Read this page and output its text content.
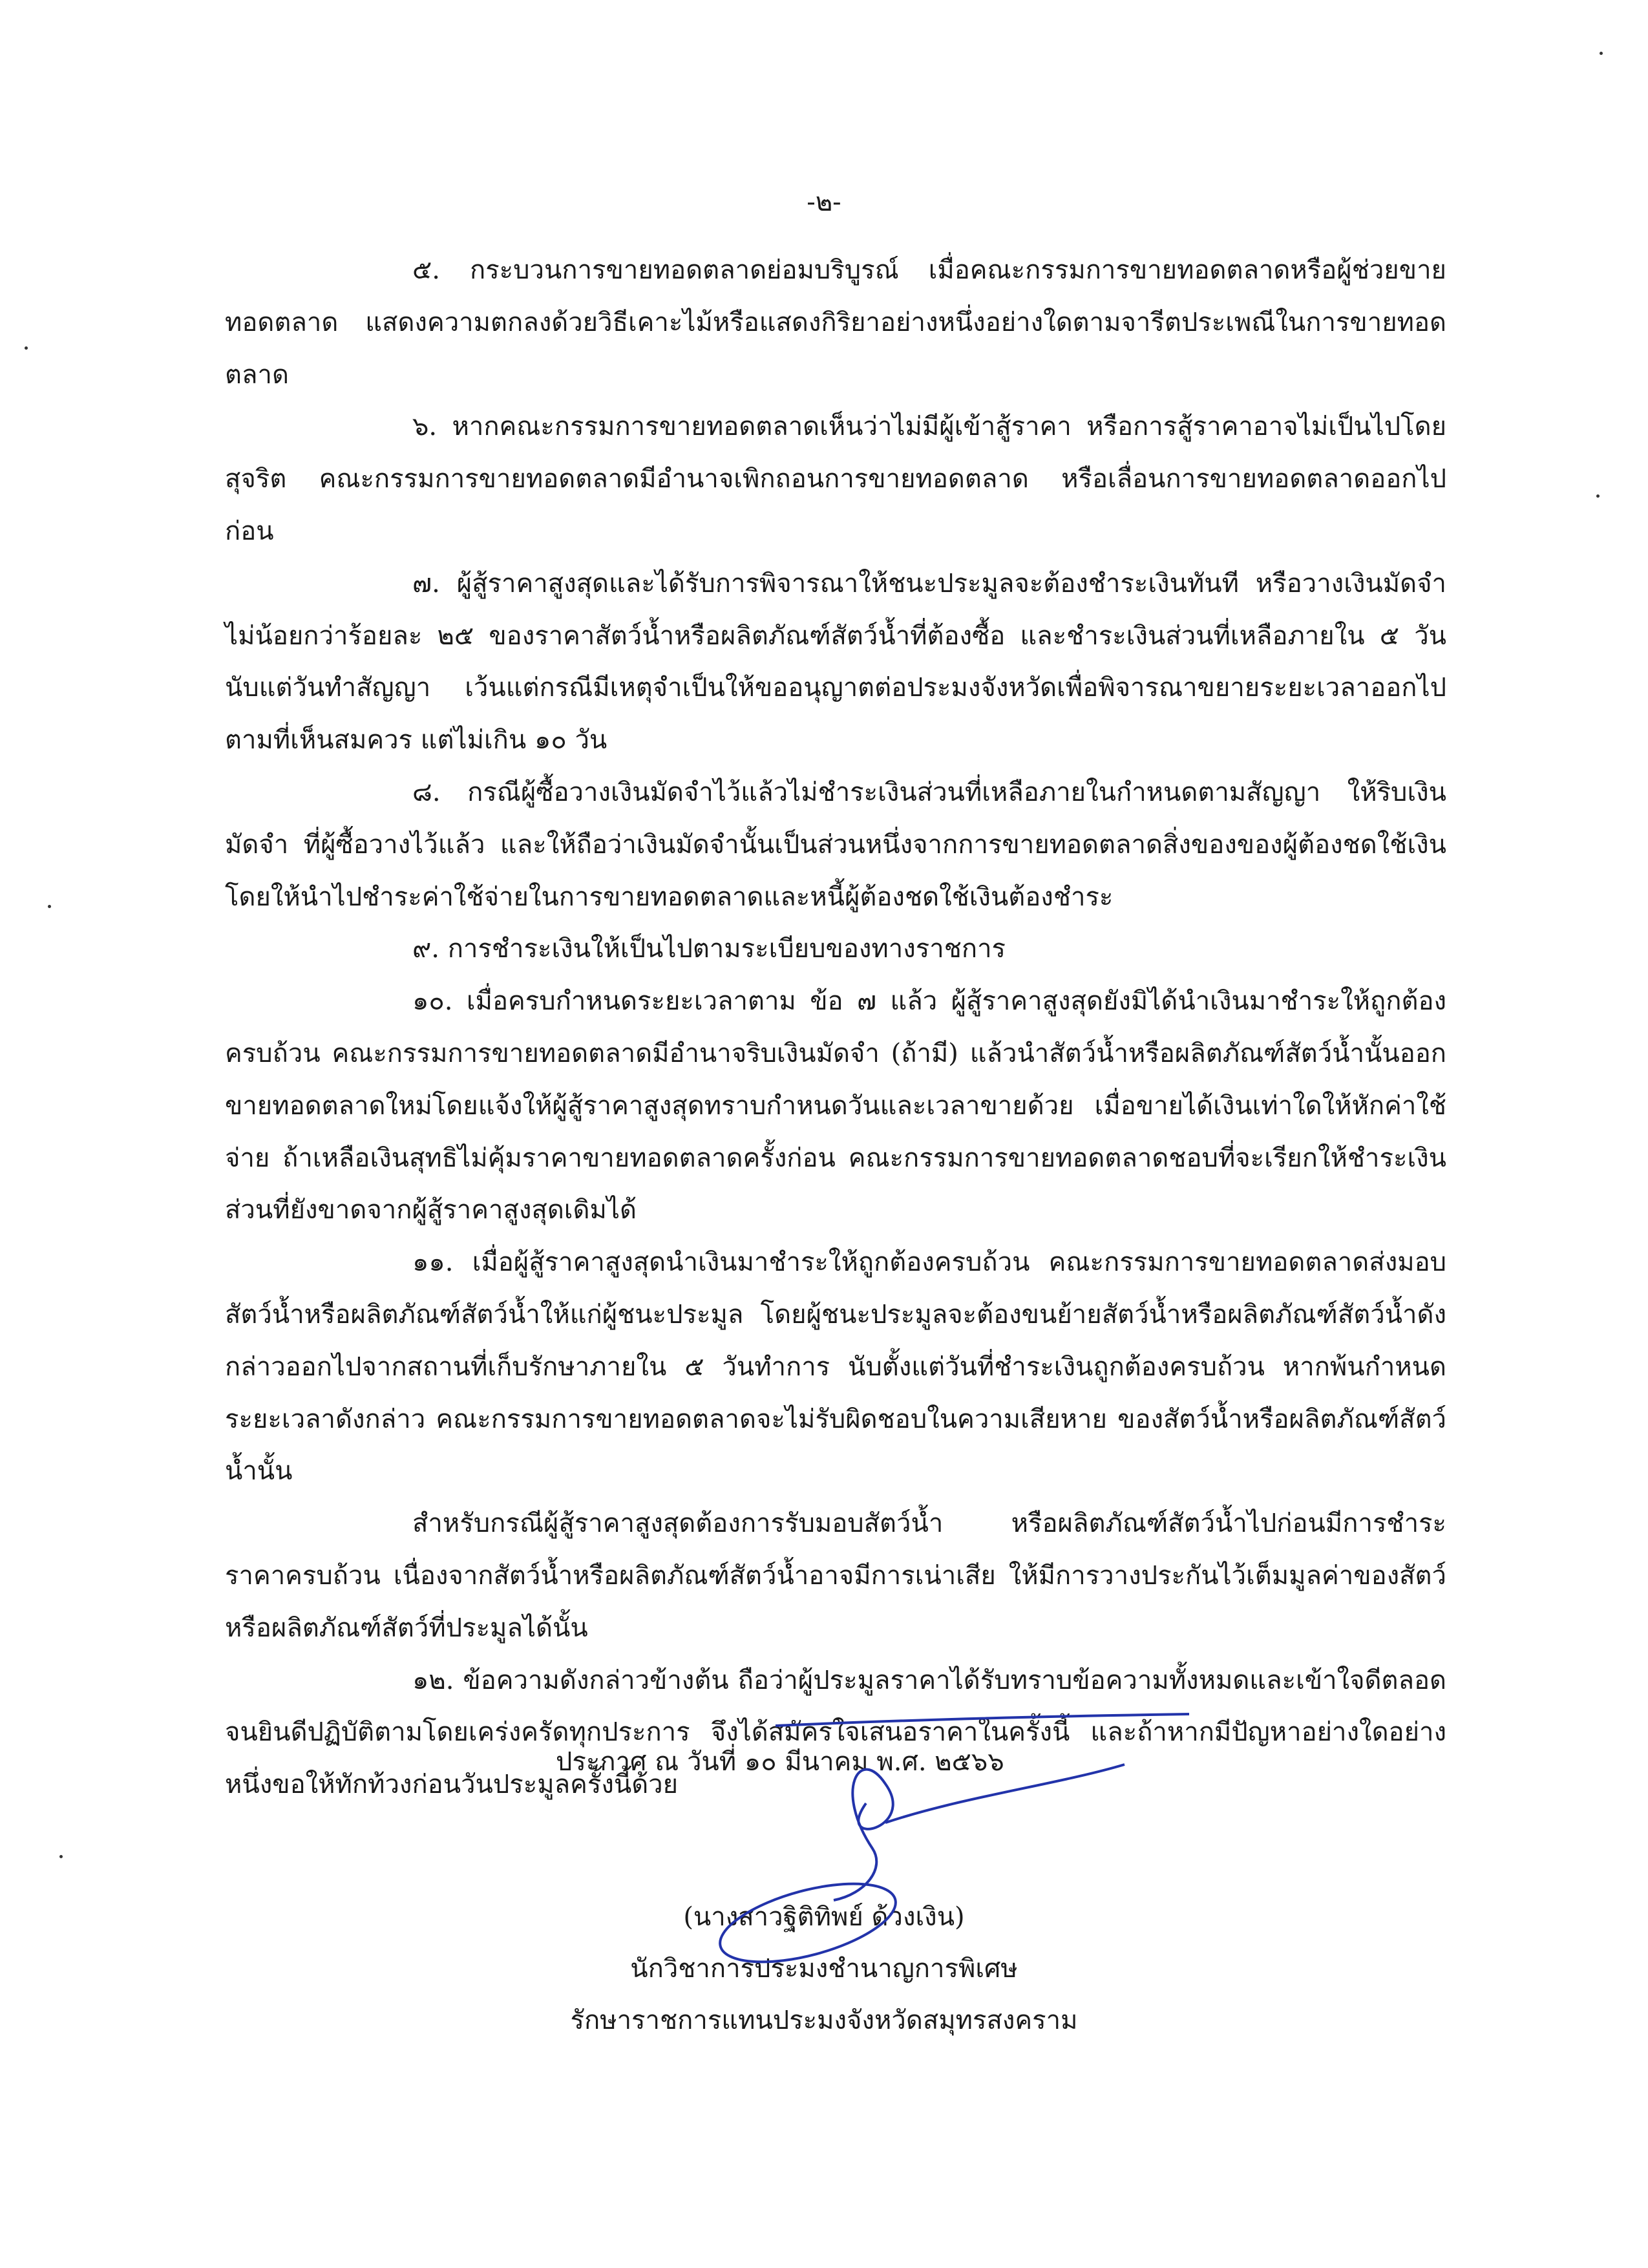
-๒-

๕. กระบวนการขายทอดตลาดย่อมบริบูรณ์ เมื่อคณะกรรมการขายทอดตลาดหรือผู้ช่วยขายทอดตลาด แสดงความตกลงด้วยวิธีเคาะไม้หรือแสดงกิริยาอย่างหนึ่งอย่างใดตามจารีตประเพณีในการขายทอดตลาด

๖. หากคณะกรรมการขายทอดตลาดเห็นว่าไม่มีผู้เข้าสู้ราคา หรือการสู้ราคาอาจไม่เป็นไปโดยสุจริต คณะกรรมการขายทอดตลาดมีอำนาจเพิกถอนการขายทอดตลาด หรือเลื่อนการขายทอดตลาดออกไปก่อน

๗. ผู้สู้ราคาสูงสุดและได้รับการพิจารณาให้ชนะประมูลจะต้องชำระเงินทันที หรือวางเงินมัดจำไม่น้อยกว่าร้อยละ ๒๕ ของราคาสัตว์น้ำหรือผลิตภัณฑ์สัตว์น้ำที่ต้องซื้อ และชำระเงินส่วนที่เหลือภายใน ๕ วัน นับแต่วันทำสัญญา เว้นแต่กรณีมีเหตุจำเป็นให้ขออนุญาตต่อประมงจังหวัดเพื่อพิจารณาขยายระยะเวลาออกไปตามที่เห็นสมควร แต่ไม่เกิน ๑๐ วัน

๘. กรณีผู้ซื้อวางเงินมัดจำไว้แล้วไม่ชำระเงินส่วนที่เหลือภายในกำหนดตามสัญญา ให้ริบเงินมัดจำ ที่ผู้ซื้อวางไว้แล้ว และให้ถือว่าเงินมัดจำนั้นเป็นส่วนหนึ่งจากการขายทอดตลาดสิ่งของของผู้ต้องชดใช้เงินโดยให้นำไปชำระค่าใช้จ่ายในการขายทอดตลาดและหนี้ผู้ต้องชดใช้เงินต้องชำระ

๙. การชำระเงินให้เป็นไปตามระเบียบของทางราชการ

๑๐. เมื่อครบกำหนดระยะเวลาตาม ข้อ ๗ แล้ว ผู้สู้ราคาสูงสุดยังมิได้นำเงินมาชำระให้ถูกต้องครบถ้วน คณะกรรมการขายทอดตลาดมีอำนาจริบเงินมัดจำ (ถ้ามี) แล้วนำสัตว์น้ำหรือผลิตภัณฑ์สัตว์น้ำนั้นออกขายทอดตลาดใหม่โดยแจ้งให้ผู้สู้ราคาสูงสุดทราบกำหนดวันและเวลาขายด้วย เมื่อขายได้เงินเท่าใดให้หักค่าใช้จ่าย ถ้าเหลือเงินสุทธิไม่คุ้มราคาขายทอดตลาดครั้งก่อน คณะกรรมการขายทอดตลาดชอบที่จะเรียกให้ชำระเงินส่วนที่ยังขาดจากผู้สู้ราคาสูงสุดเดิมได้

๑๑. เมื่อผู้สู้ราคาสูงสุดนำเงินมาชำระให้ถูกต้องครบถ้วน คณะกรรมการขายทอดตลาดส่งมอบสัตว์น้ำหรือผลิตภัณฑ์สัตว์น้ำให้แก่ผู้ชนะประมูล โดยผู้ชนะประมูลจะต้องขนย้ายสัตว์น้ำหรือผลิตภัณฑ์สัตว์น้ำดังกล่าวออกไปจากสถานที่เก็บรักษาภายใน ๕ วันทำการ นับตั้งแต่วันที่ชำระเงินถูกต้องครบถ้วน หากพ้นกำหนดระยะเวลาดังกล่าว คณะกรรมการขายทอดตลาดจะไม่รับผิดชอบในความเสียหาย ของสัตว์น้ำหรือผลิตภัณฑ์สัตว์น้ำนั้น

สำหรับกรณีผู้สู้ราคาสูงสุดต้องการรับมอบสัตว์น้ำ หรือผลิตภัณฑ์สัตว์น้ำไปก่อนมีการชำระราคาครบถ้วน เนื่องจากสัตว์น้ำหรือผลิตภัณฑ์สัตว์น้ำอาจมีการเน่าเสีย ให้มีการวางประกันไว้เต็มมูลค่าของสัตว์หรือผลิตภัณฑ์สัตว์ที่ประมูลได้นั้น

๑๒. ข้อความดังกล่าวข้างต้น ถือว่าผู้ประมูลราคาได้รับทราบข้อความทั้งหมดและเข้าใจดีตลอดจนยินดีปฏิบัติตามโดยเคร่งครัดทุกประการ จึงได้สมัครใจเสนอราคาในครั้งนี้ และถ้าหากมีปัญหาอย่างใดอย่างหนึ่งขอให้ทักท้วงก่อนวันประมูลครั้งนี้ด้วย

ประกาศ ณ วันที่ ๑๐ มีนาคม พ.ศ. ๒๕๖๖
(นางสาวฐิติทิพย์ ด้วงเงิน)
นักวิชาการประมงชำนาญการพิเศษ
รักษาราชการแทนประมงจังหวัดสมุทรสงคราม
